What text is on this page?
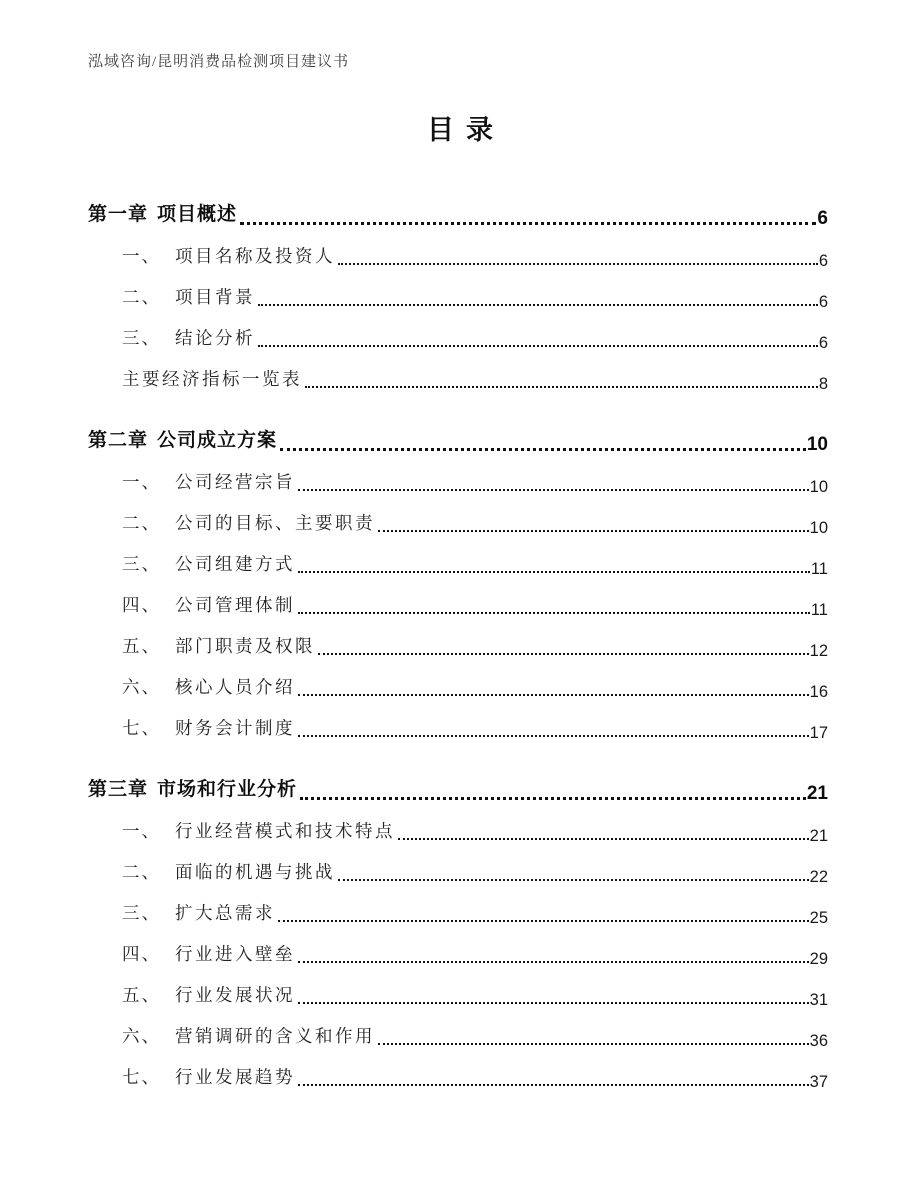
泓域咨询/昆明消费品检测项目建议书
目录
第一章 项目概述	6
一、 项目名称及投资人	6
二、 项目背景	6
三、 结论分析	6
主要经济指标一览表	8
第二章 公司成立方案	10
一、 公司经营宗旨	10
二、 公司的目标、主要职责	10
三、 公司组建方式	11
四、 公司管理体制	11
五、 部门职责及权限	12
六、 核心人员介绍	16
七、 财务会计制度	17
第三章 市场和行业分析	21
一、 行业经营模式和技术特点	21
二、 面临的机遇与挑战	22
三、 扩大总需求	25
四、 行业进入壁垒	29
五、 行业发展状况	31
六、 营销调研的含义和作用	36
七、 行业发展趋势	37
